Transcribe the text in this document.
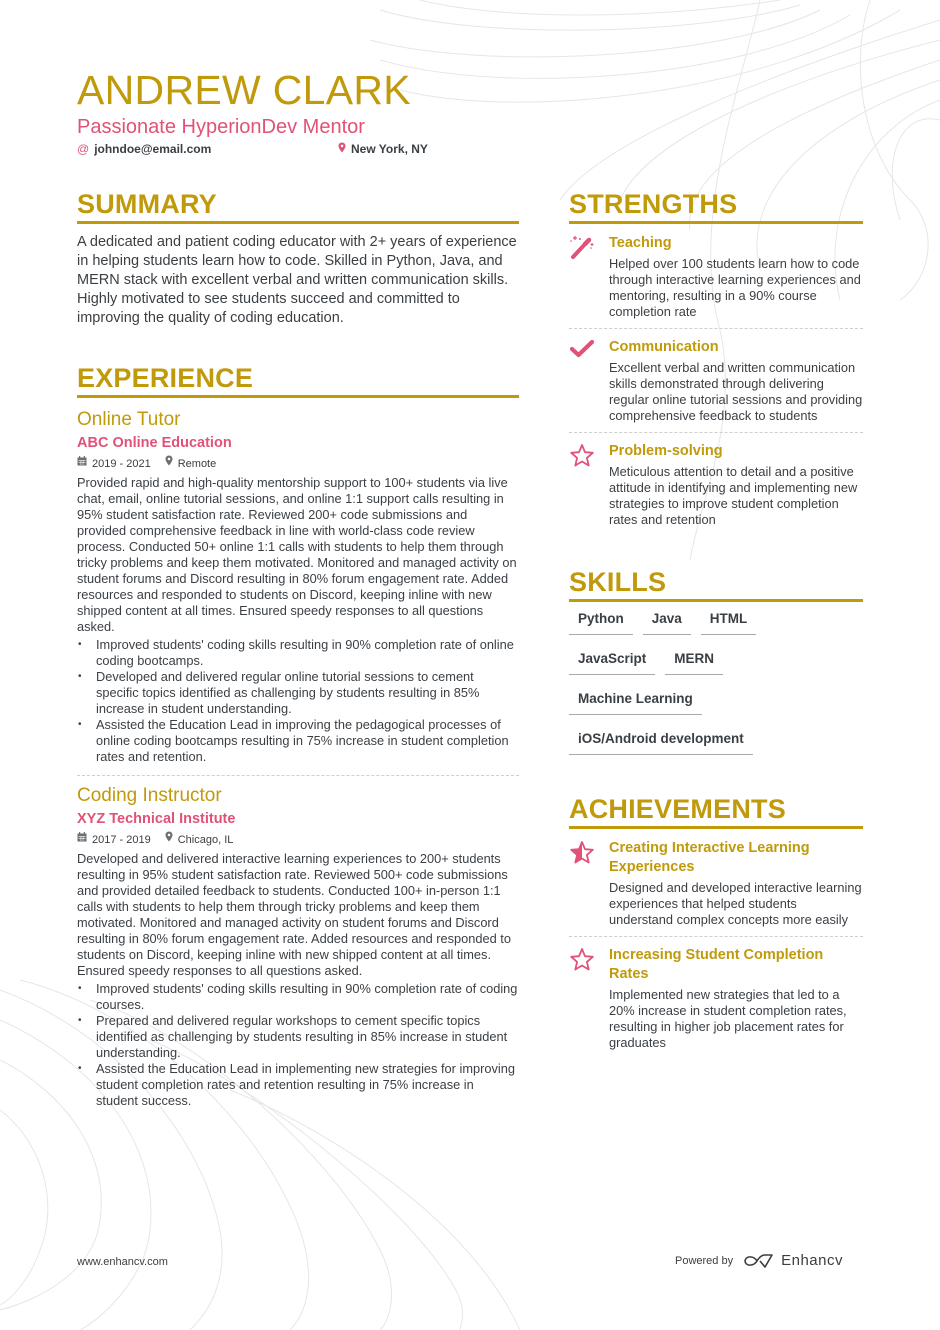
ANDREW CLARK
Passionate HyperionDev Mentor
@ johndoe@email.com	New York, NY
SUMMARY

A dedicated and patient coding educator with 2+ years of experience in helping students learn how to code. Skilled in Python, Java, and MERN stack with excellent verbal and written communication skills. Highly motivated to see students succeed and committed to improving the quality of coding education.

EXPERIENCE
Online Tutor
ABC Online Education
2019 - 2021 Remote

Provided rapid and high-quality mentorship support to 100+ students via live chat, email, online tutorial sessions, and online 1:1 support calls resulting in 95% student satisfaction rate. Reviewed 200+ code submissions and provided comprehensive feedback in line with world-class code review process. Conducted 50+ online 1:1 calls with students to help them through tricky problems and keep them motivated. Monitored and managed activity on student forums and Discord resulting in 80% forum engagement rate. Added resources and responded to students on Discord, keeping inline with new shipped content at all times. Ensured speedy responses to all questions asked.

• Improved students' coding skills resulting in 90% completion rate of online coding bootcamps.
• Developed and delivered regular online tutorial sessions to cement specific topics identified as challenging by students resulting in 85% increase in student understanding.
• Assisted the Education Lead in improving the pedagogical processes of online coding bootcamps resulting in 75% increase in student completion rates and retention.
Coding Instructor
XYZ Technical Institute
2017 - 2019 Chicago, IL

Developed and delivered interactive learning experiences to 200+ students resulting in 95% student satisfaction rate. Reviewed 500+ code submissions and provided detailed feedback to students. Conducted 100+ in-person 1:1 calls with students to help them through tricky problems and keep them motivated. Monitored and managed activity on student forums and Discord resulting in 80% forum engagement rate. Added resources and responded to students on Discord, keeping inline with new shipped content at all times. Ensured speedy responses to all questions asked.

• Improved students' coding skills resulting in 90% completion rate of coding courses.
• Prepared and delivered regular workshops to cement specific topics identified as challenging by students resulting in 85% increase in student understanding.
• Assisted the Education Lead in implementing new strategies for improving student completion rates and retention resulting in 75% increase in student success.
STRENGTHS
Teaching
Helped over 100 students learn how to code through interactive learning experiences and mentoring, resulting in a 90% course completion rate
Communication
Excellent verbal and written communication skills demonstrated through delivering regular online tutorial sessions and providing comprehensive feedback to students
Problem-solving
Meticulous attention to detail and a positive attitude in identifying and implementing new strategies to improve student completion rates and retention
SKILLS
Python	Java	HTML
JavaScript	MERN
Machine Learning
iOS/Android development
ACHIEVEMENTS
Creating Interactive Learning Experiences
Designed and developed interactive learning experiences that helped students understand complex concepts more easily
Increasing Student Completion Rates
Implemented new strategies that led to a 20% increase in student completion rates, resulting in higher job placement rates for graduates
www.enhancv.com	Powered by	Enhancv
